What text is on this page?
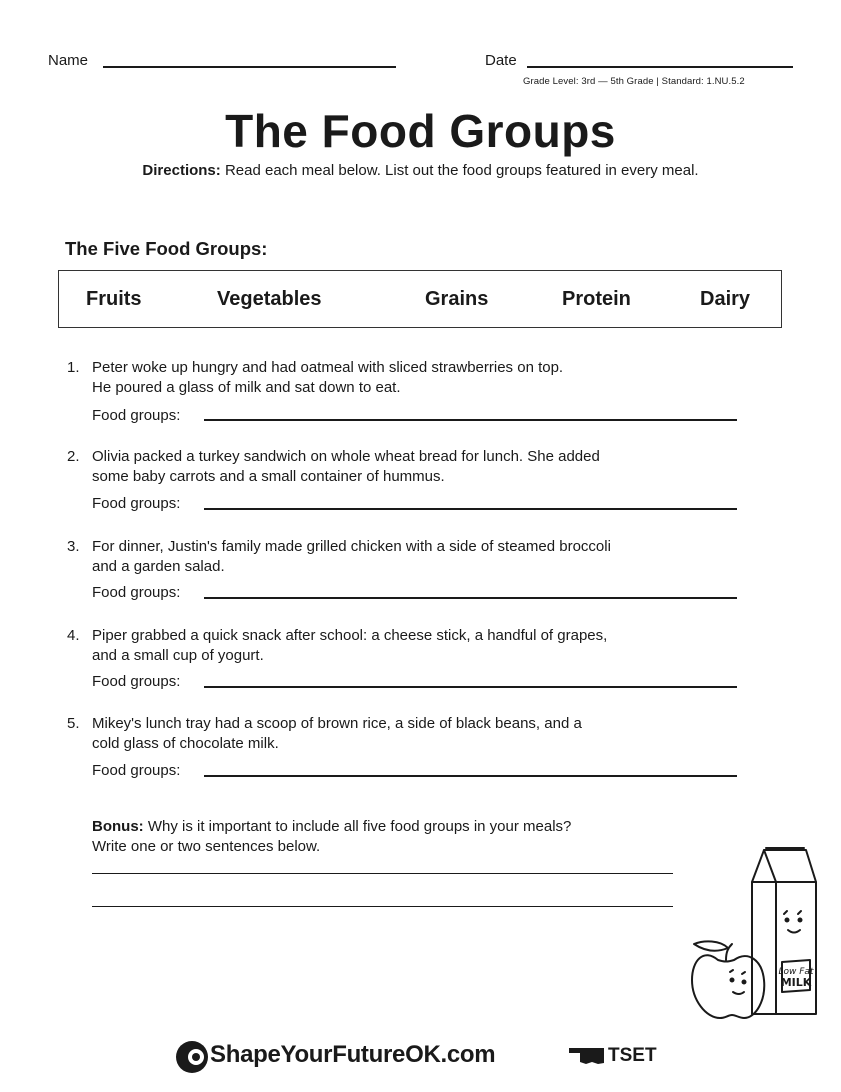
Name	Date
Grade Level: 3rd — 5th Grade | Standard: 1.NU.5.2
The Food Groups
Directions: Read each meal below. List out the food groups featured in every meal.
The Five Food Groups:
Fruits	Vegetables	Grains	Protein	Dairy
1. Peter woke up hungry and had oatmeal with sliced strawberries on top.
He poured a glass of milk and sat down to eat.
Food groups:
2. Olivia packed a turkey sandwich on whole wheat bread for lunch. She added
some baby carrots and a small container of hummus.
Food groups:
3. For dinner, Justin's family made grilled chicken with a side of steamed broccoli
and a garden salad.
Food groups:
4. Piper grabbed a quick snack after school: a cheese stick, a handful of grapes,
and a small cup of yogurt.
Food groups:
5. Mikey's lunch tray had a scoop of brown rice, a side of black beans, and a
cold glass of chocolate milk.
Food groups:
Bonus: Why is it important to include all five food groups in your meals?
Write one or two sentences below.
Low Fat
MILK
ShapeYourFutureOK.com	TSET
